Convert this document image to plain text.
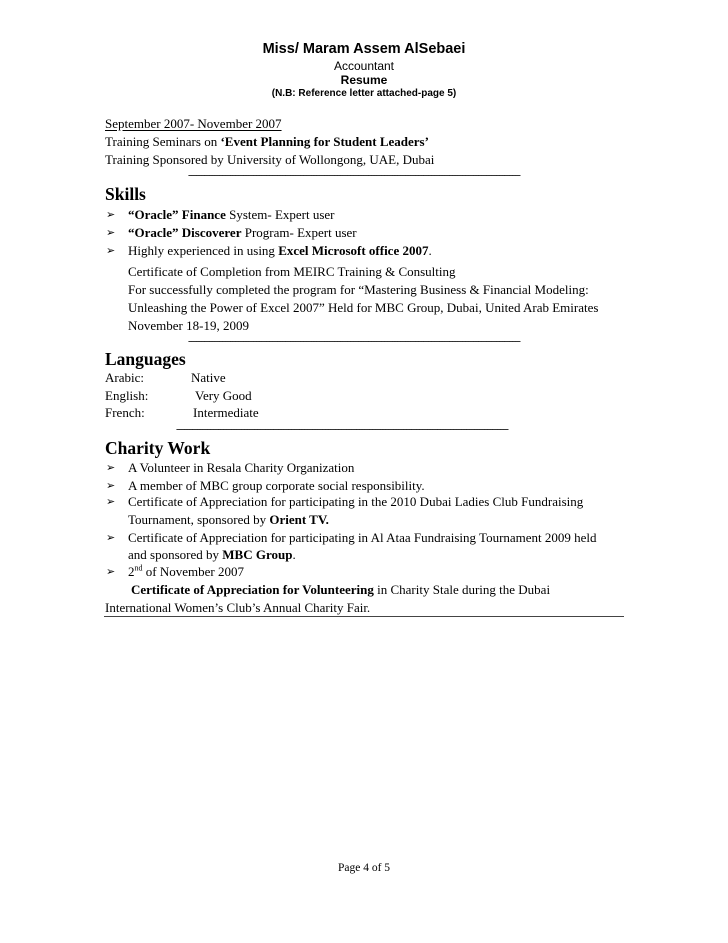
Miss/ Maram Assem AlSebaei
Accountant
Resume
(N.B: Reference letter attached-page 5)
September 2007- November 2007
Training Seminars on ‘Event Planning for Student Leaders’
Training Sponsored by University of Wollongong, UAE, Dubai
-------------------------------------------------------------------------------------------------------------------------------
Skills
➢ “Oracle” Finance System- Expert user
➢ “Oracle” Discoverer Program- Expert user
➢ Highly experienced in using Excel Microsoft office 2007.
Certificate of Completion from MEIRC Training & Consulting
For successfully completed the program for “Mastering Business & Financial Modeling:
Unleashing the Power of Excel 2007” Held for MBC Group, Dubai, United Arab Emirates
November 18-19, 2009
-------------------------------------------------------------------------------------------------------------------------------
Languages
Arabic:	Native
English:	Very Good
French:	Intermediate
-------------------------------------------------------------------------------------------------------------------------------
Charity Work
➢ A Volunteer in Resala Charity Organization
➢ A member of MBC group corporate social responsibility.
➢ Certificate of Appreciation for participating in the 2010 Dubai Ladies Club Fundraising
Tournament, sponsored by Orient TV.
➢ Certificate of Appreciation for participating in Al Ataa Fundraising Tournament 2009 held
and sponsored by MBC Group.
➢ 2nd of November 2007
Certificate of Appreciation for Volunteering in Charity Stale during the Dubai
International Women’s Club’s Annual Charity Fair.
Page 4 of 5
